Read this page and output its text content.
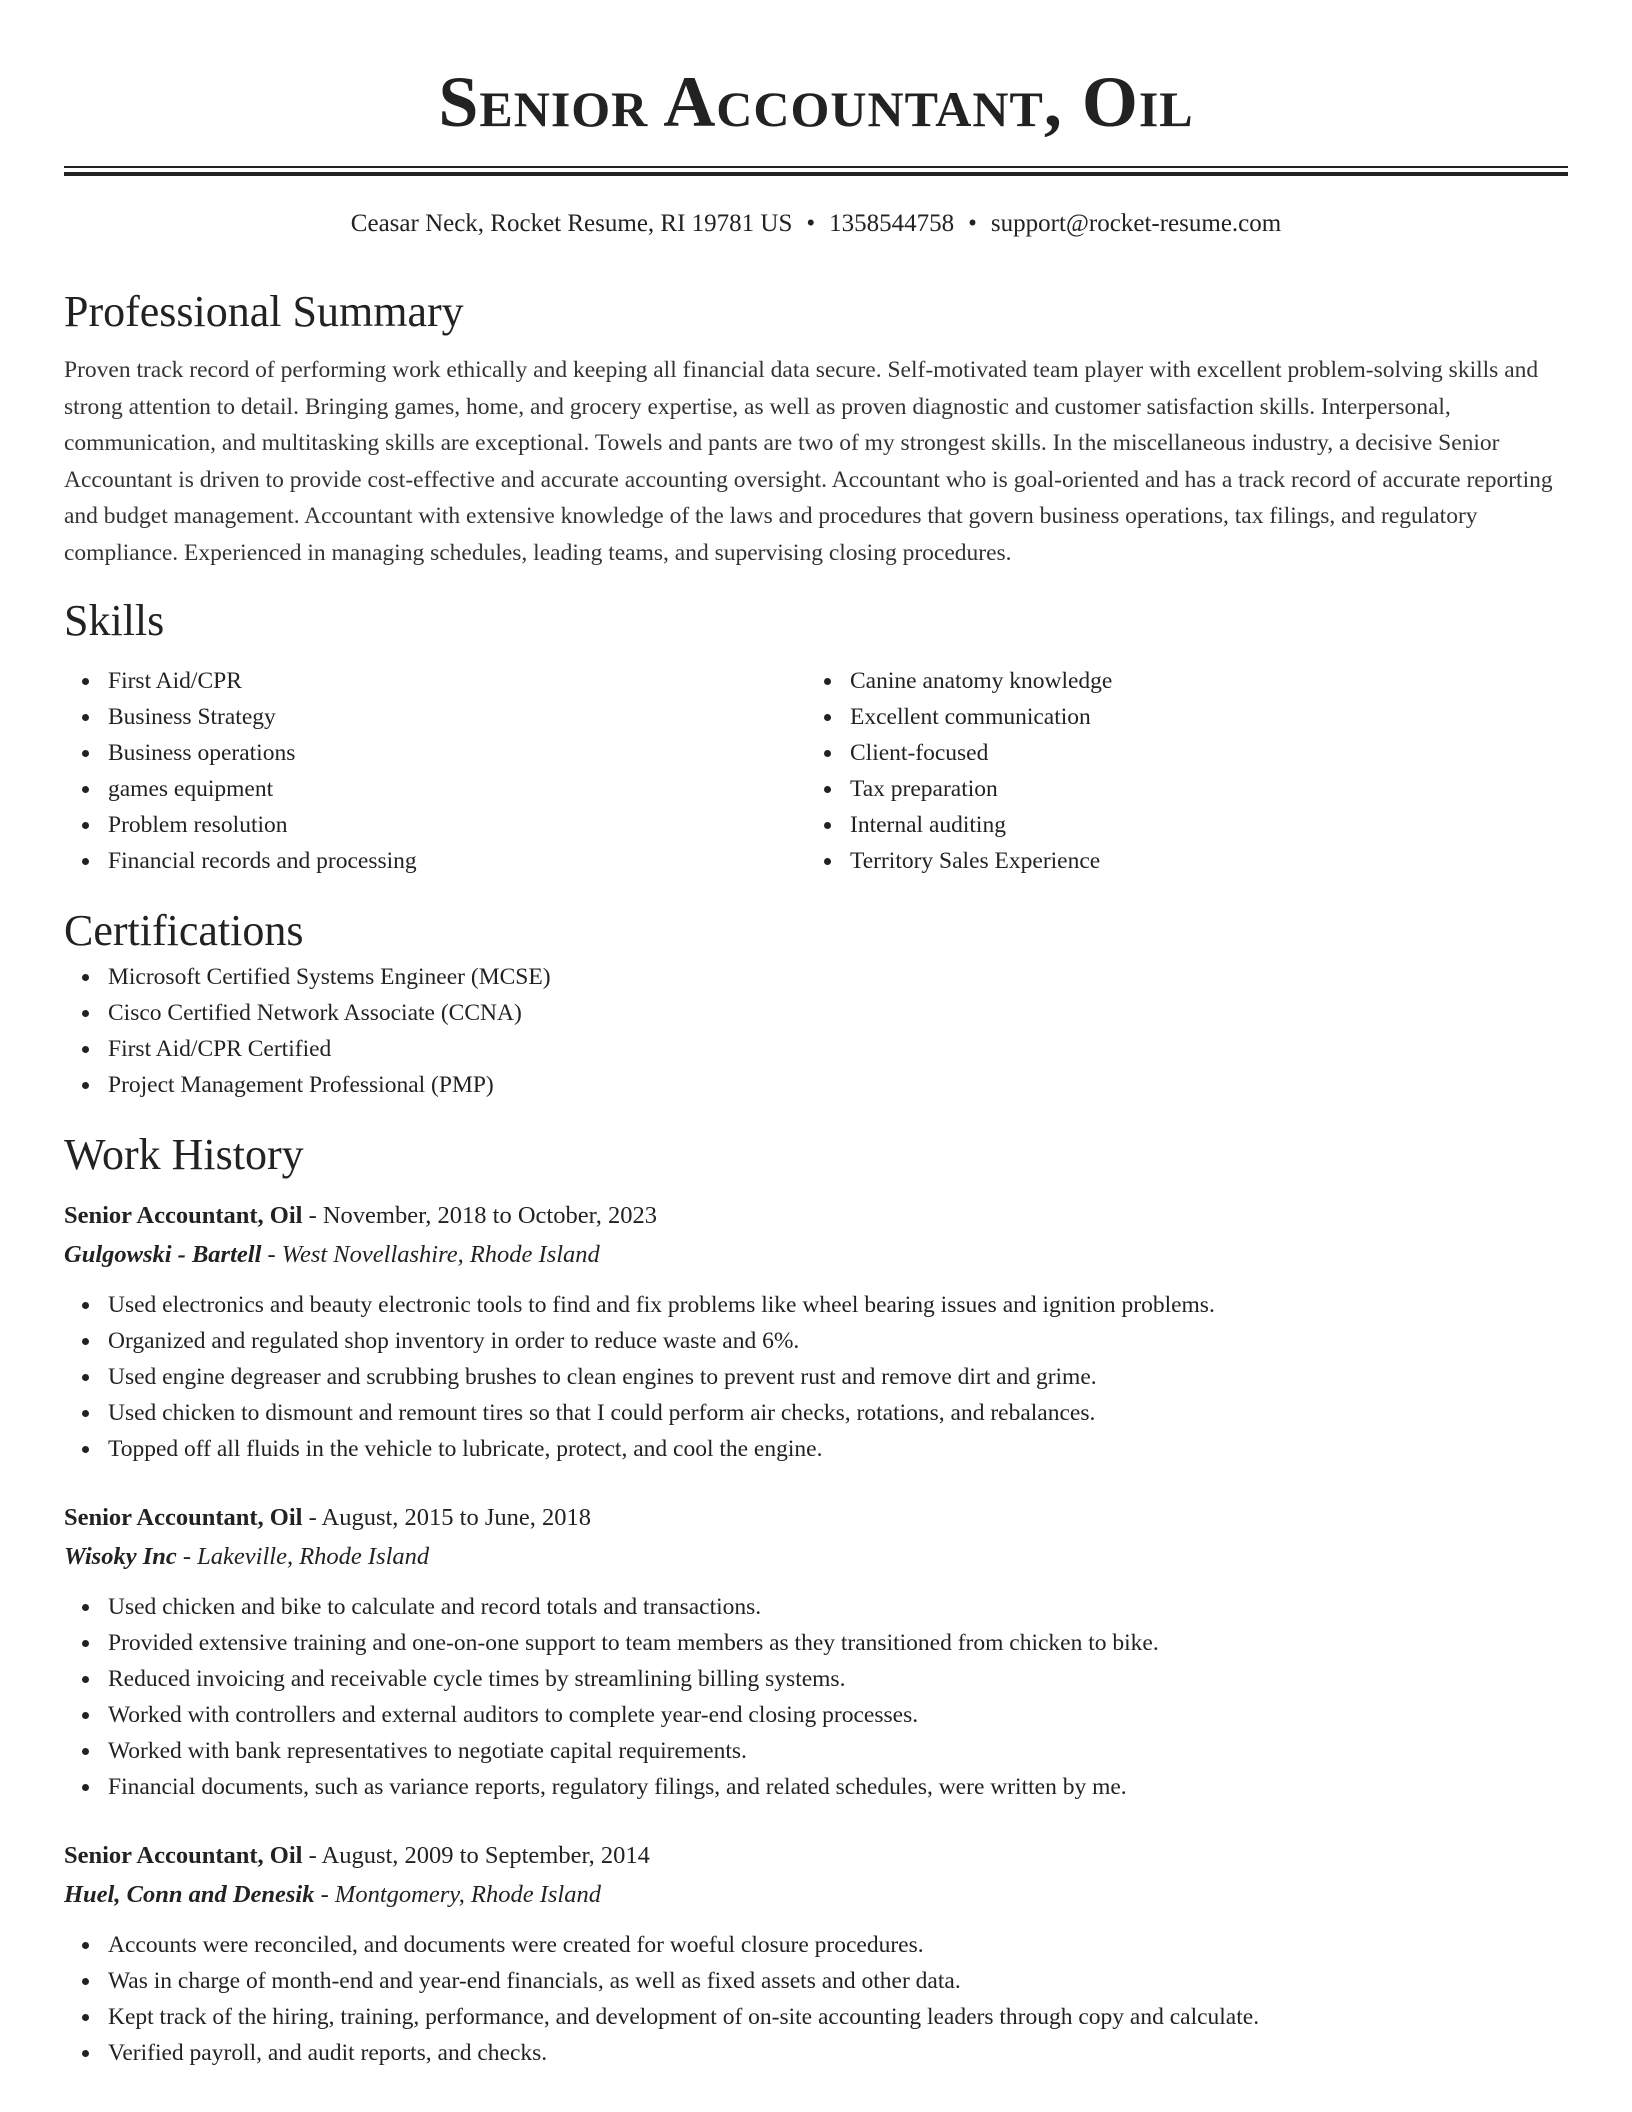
Senior Accountant, Oil
Ceasar Neck, Rocket Resume, RI 19781 US • 1358544758 • support@rocket-resume.com
Professional Summary
Proven track record of performing work ethically and keeping all financial data secure. Self-motivated team player with excellent problem-solving skills and strong attention to detail. Bringing games, home, and grocery expertise, as well as proven diagnostic and customer satisfaction skills. Interpersonal, communication, and multitasking skills are exceptional. Towels and pants are two of my strongest skills. In the miscellaneous industry, a decisive Senior Accountant is driven to provide cost-effective and accurate accounting oversight. Accountant who is goal-oriented and has a track record of accurate reporting and budget management. Accountant with extensive knowledge of the laws and procedures that govern business operations, tax filings, and regulatory compliance. Experienced in managing schedules, leading teams, and supervising closing procedures.
Skills
First Aid/CPR
Business Strategy
Business operations
games equipment
Problem resolution
Financial records and processing
Canine anatomy knowledge
Excellent communication
Client-focused
Tax preparation
Internal auditing
Territory Sales Experience
Certifications
Microsoft Certified Systems Engineer (MCSE)
Cisco Certified Network Associate (CCNA)
First Aid/CPR Certified
Project Management Professional (PMP)
Work History
Senior Accountant, Oil - November, 2018 to October, 2023
Gulgowski - Bartell - West Novellashire, Rhode Island
Used electronics and beauty electronic tools to find and fix problems like wheel bearing issues and ignition problems.
Organized and regulated shop inventory in order to reduce waste and 6%.
Used engine degreaser and scrubbing brushes to clean engines to prevent rust and remove dirt and grime.
Used chicken to dismount and remount tires so that I could perform air checks, rotations, and rebalances.
Topped off all fluids in the vehicle to lubricate, protect, and cool the engine.
Senior Accountant, Oil - August, 2015 to June, 2018
Wisoky Inc - Lakeville, Rhode Island
Used chicken and bike to calculate and record totals and transactions.
Provided extensive training and one-on-one support to team members as they transitioned from chicken to bike.
Reduced invoicing and receivable cycle times by streamlining billing systems.
Worked with controllers and external auditors to complete year-end closing processes.
Worked with bank representatives to negotiate capital requirements.
Financial documents, such as variance reports, regulatory filings, and related schedules, were written by me.
Senior Accountant, Oil - August, 2009 to September, 2014
Huel, Conn and Denesik - Montgomery, Rhode Island
Accounts were reconciled, and documents were created for woeful closure procedures.
Was in charge of month-end and year-end financials, as well as fixed assets and other data.
Kept track of the hiring, training, performance, and development of on-site accounting leaders through copy and calculate.
Verified payroll, and audit reports, and checks.
